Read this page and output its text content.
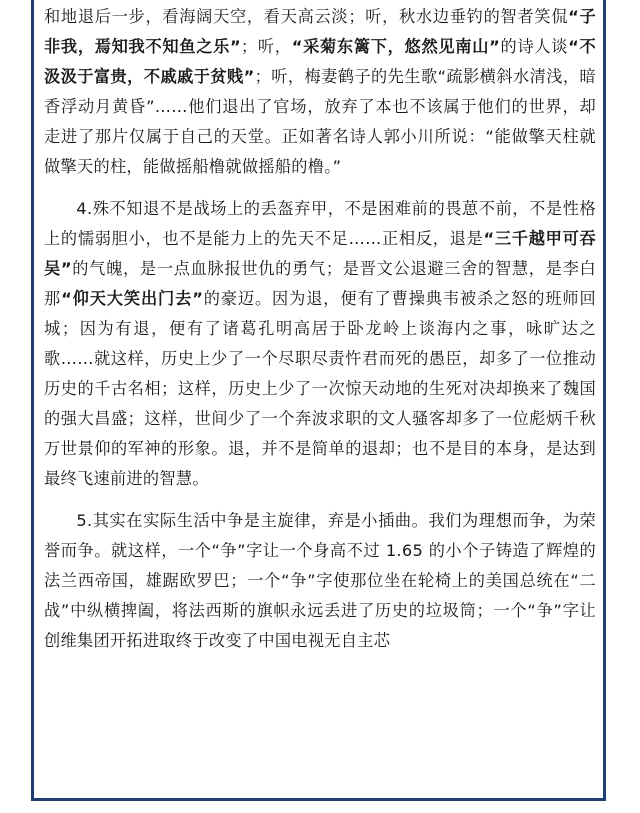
和地退后一步，看海阔天空，看天高云淡；听，秋水边垂钓的智者笑侃“子非我，焉知我不知鱼之乐”；听，“采菊东篱下，悠然见南山”的诗人谈“不汲汲于富贵，不戚戚于贫贱”；听，梅妻鹤子的先生歌“疏影横斜水清浅，暗香浮动月黄昏”……他们退出了官场，放弃了本也不该属于他们的世界，却走进了那片仅属于自己的天堂。正如著名诗人郭小川所说：“能做擎天柱就做擎天的柱，能做摇船橹就做摇船的橹。”

4.殊不知退不是战场上的丢盔弃甲，不是困难前的畏葸不前，不是性格上的懦弱胆小，也不是能力上的先天不足……正相反，退是“三千越甲可吞吴”的气魄，是一点血脉报世仇的勇气；是晋文公退避三舍的智慧，是李白那“仰天大笑出门去”的豪迈。因为退，便有了曹操典韦被杀之怒的班师回城；因为有退，便有了诸葛孔明高居于卧龙岭上谈海内之事，咏旷达之歌……就这样，历史上少了一个尽职尽责忤君而死的愚臣，却多了一位推动历史的千古名相；这样，历史上少了一次惊天动地的生死对决却换来了魏国的强大昌盛；这样，世间少了一个奔波求职的文人骚客却多了一位彪炳千秋万世景仰的军神的形象。退，并不是简单的退却；也不是目的本身，是达到最终飞速前进的智慧。

5.其实在实际生活中争是主旋律，弃是小插曲。我们为理想而争，为荣誉而争。就这样，一个“争”字让一个身高不过 1.65 的小个子铸造了辉煌的法兰西帝国，雄踞欧罗巴；一个“争”字使那位坐在轮椅上的美国总统在“二战”中纵横捭阖，将法西斯的旗帜永远丢进了历史的垃圾筒；一个“争”字让创维集团开拓进取终于改变了中国电视无自主芯
